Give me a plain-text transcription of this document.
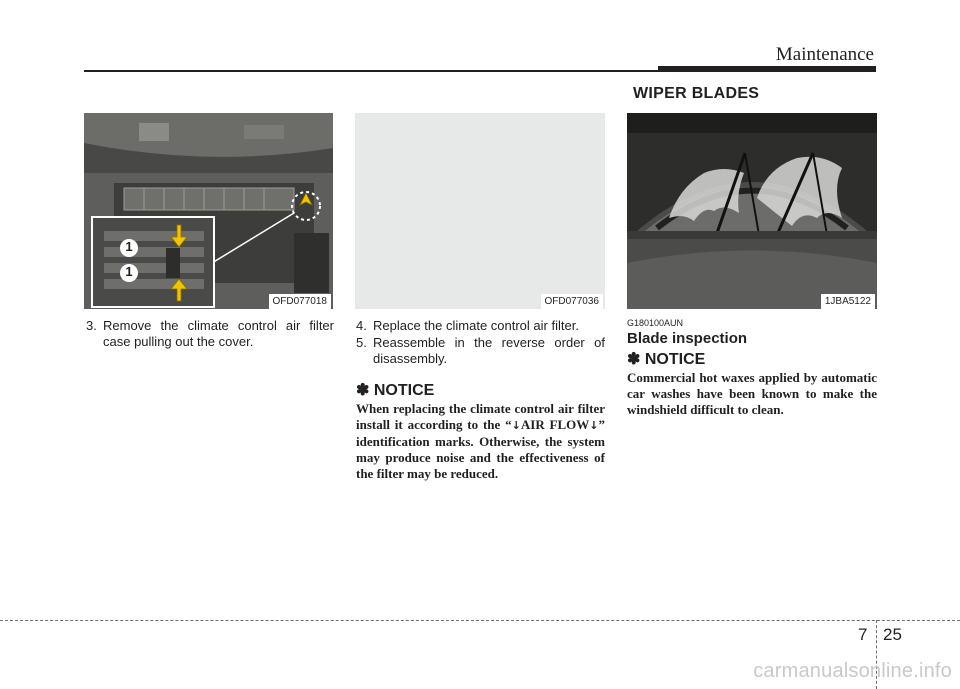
Maintenance
WIPER BLADES
1
1
OFD077018	OFD077036	1JBA5122
3. Remove the climate control air filter case pulling out the cover.
4. Replace the climate control air filter.
5. Reassemble in the reverse order of disassembly.
✽ NOTICE
When replacing the climate control air filter install it according to the “↓AIR FLOW↓” identification marks. Otherwise, the system may produce noise and the effectiveness of the filter may be reduced.
G180100AUN
Blade inspection
✽ NOTICE
Commercial hot waxes applied by automatic car washes have been known to make the windshield difficult to clean.
7 25
carmanualsonline.info
